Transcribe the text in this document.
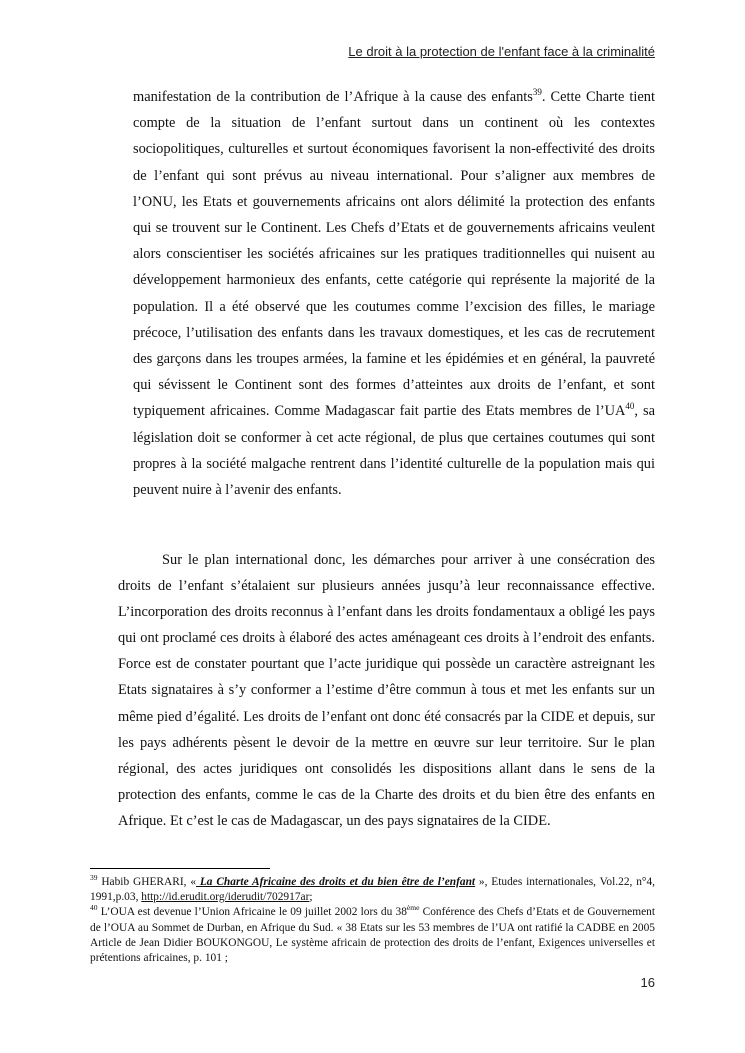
Le droit à la protection de l'enfant face à la criminalité

manifestation de la contribution de l’Afrique à la cause des enfants$^{39}$. Cette Charte tient compte de la situation de l’enfant surtout dans un continent où les contextes sociopolitiques, culturelles et surtout économiques favorisent la non-effectivité des droits de l’enfant qui sont prévus au niveau international. Pour s’aligner aux membres de l’ONU, les Etats et gouvernements africains ont alors délimité la protection des enfants qui se trouvent sur le Continent. Les Chefs d’Etats et de gouvernements africains veulent alors conscientiser les sociétés africaines sur les pratiques traditionnelles qui nuisent au développement harmonieux des enfants, cette catégorie qui représente la majorité de la population. Il a été observé que les coutumes comme l’excision des filles, le mariage précoce, l’utilisation des enfants dans les travaux domestiques, et les cas de recrutement des garçons dans les troupes armées, la famine et les épidémies et en général, la pauvreté qui sévissent le Continent sont des formes d’atteintes aux droits de l’enfant, et sont typiquement africaines. Comme Madagascar fait partie des Etats membres de l’UA$^{40}$, sa législation doit se conformer à cet acte régional, de plus que certaines coutumes qui sont propres à la société malgache rentrent dans l’identité culturelle de la population mais qui peuvent nuire à l’avenir des enfants.

Sur le plan international donc, les démarches pour arriver à une consécration des droits de l’enfant s’étalaient sur plusieurs années jusqu’à leur reconnaissance effective. L’incorporation des droits reconnus à l’enfant dans les droits fondamentaux a obligé les pays qui ont proclamé ces droits à élaboré des actes aménageant ces droits à l’endroit des enfants. Force est de constater pourtant que l’acte juridique qui possède un caractère astreignant les Etats signataires à s’y conformer a l’estime d’être commun à tous et met les enfants sur un même pied d’égalité. Les droits de l’enfant ont donc été consacrés par la CIDE et depuis, sur les pays adhérents pèsent le devoir de la mettre en œuvre sur leur territoire. Sur le plan régional, des actes juridiques ont consolidés les dispositions allant dans le sens de la protection des enfants, comme le cas de la Charte des droits et du bien être des enfants en Afrique. Et c’est le cas de Madagascar, un des pays signataires de la CIDE.

$^{39}$ Habib GHERARI, « La Charte Africaine des droits et du bien être de l’enfant », Etudes internationales, Vol.22, n°4, 1991,p.03, http://id.erudit.org/iderudit/702917ar;

$^{40}$ L’OUA est devenue l’Union Africaine le 09 juillet 2002 lors du 38ème Conférence des Chefs d’Etats et de Gouvernement de l’OUA au Sommet de Durban, en Afrique du Sud. « 38 Etats sur les 53 membres de l’UA ont ratifié la CADBE en 2005 Article de Jean Didier BOUKONGOU, Le système africain de protection des droits de l’enfant, Exigences universelles et prétentions africaines, p. 101 ;

16
